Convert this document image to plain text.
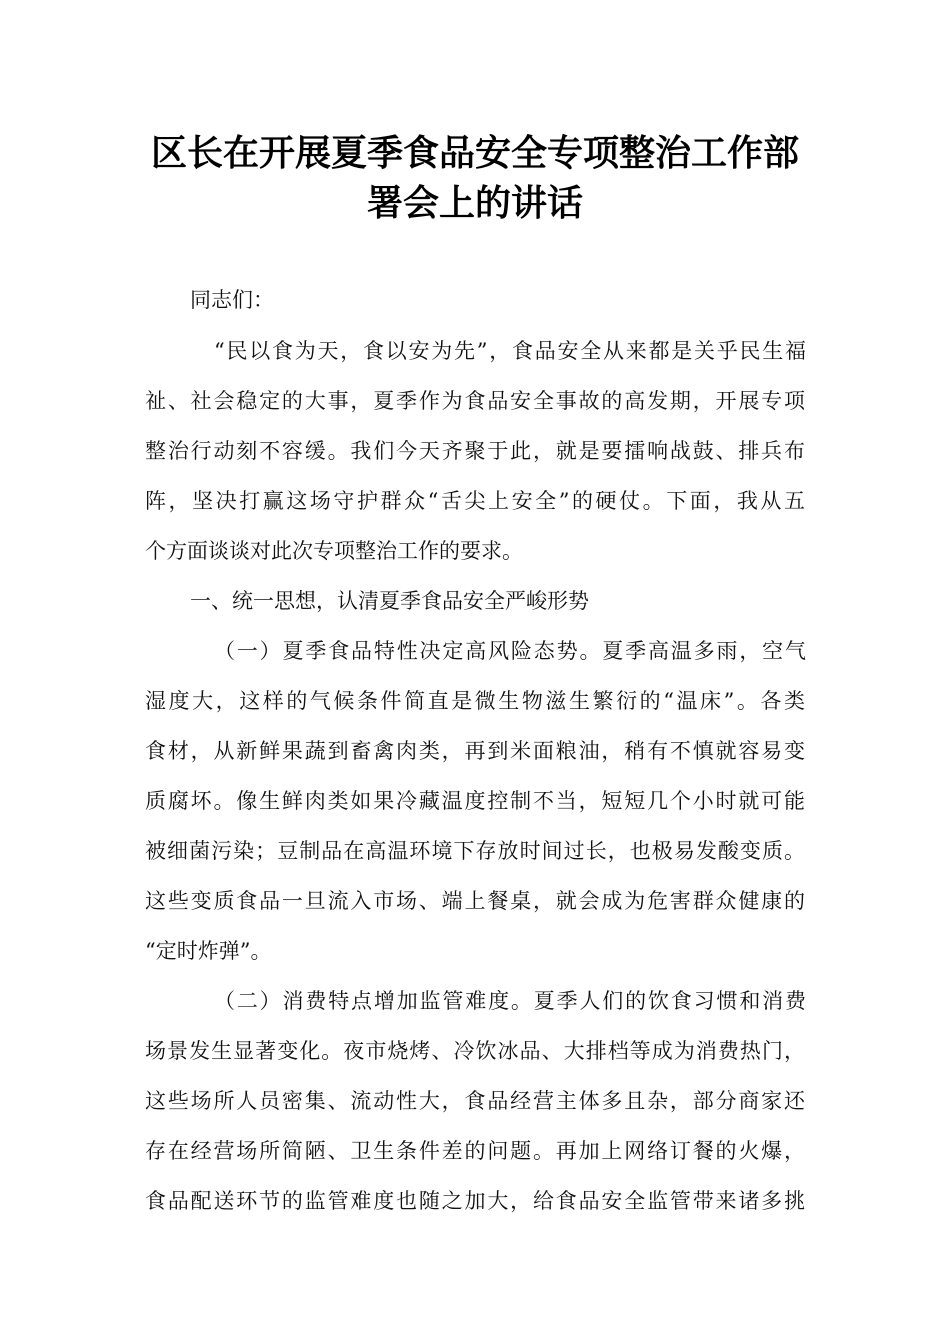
区长在开展夏季食品安全专项整治工作部
署会上的讲话
同志们：
“民以食为天，食以安为先”，食品安全从来都是关乎民生福
祉、社会稳定的大事，夏季作为食品安全事故的高发期，开展专项
整治行动刻不容缓。我们今天齐聚于此，就是要擂响战鼓、排兵布
阵，坚决打赢这场守护群众“舌尖上安全”的硬仗。下面，我从五
个方面谈谈对此次专项整治工作的要求。
一、统一思想，认清夏季食品安全严峻形势
（一）夏季食品特性决定高风险态势。夏季高温多雨，空气
湿度大，这样的气候条件简直是微生物滋生繁衍的“温床”。各类
食材，从新鲜果蔬到畜禽肉类，再到米面粮油，稍有不慎就容易变
质腐坏。像生鲜肉类如果冷藏温度控制不当，短短几个小时就可能
被细菌污染；豆制品在高温环境下存放时间过长，也极易发酸变质。
这些变质食品一旦流入市场、端上餐桌，就会成为危害群众健康的
“定时炸弹”。
（二）消费特点增加监管难度。夏季人们的饮食习惯和消费
场景发生显著变化。夜市烧烤、冷饮冰品、大排档等成为消费热门，
这些场所人员密集、流动性大，食品经营主体多且杂，部分商家还
存在经营场所简陋、卫生条件差的问题。再加上网络订餐的火爆，
食品配送环节的监管难度也随之加大，给食品安全监管带来诸多挑
